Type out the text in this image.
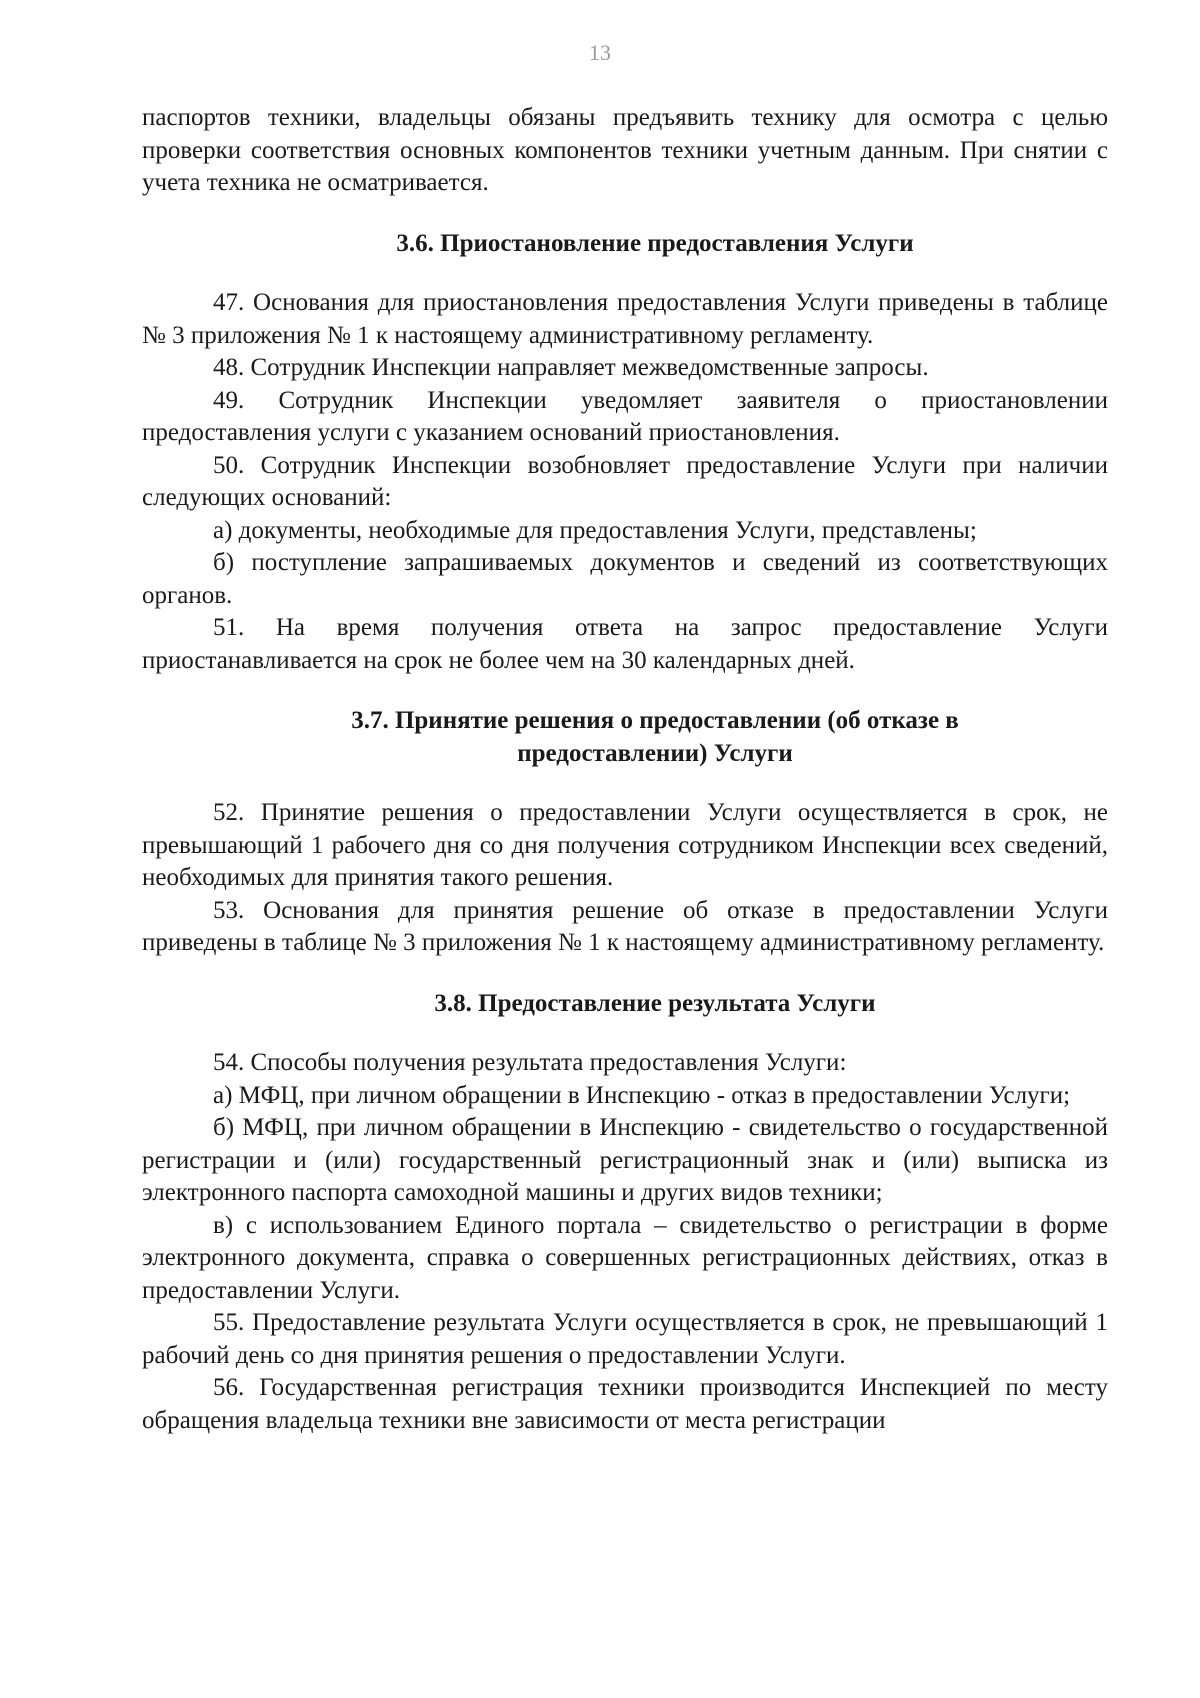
13

паспортов техники, владельцы обязаны предъявить технику для осмотра с целью проверки соответствия основных компонентов техники учетным данным. При снятии с учета техника не осматривается.

3.6. Приостановление предоставления Услуги

47. Основания для приостановления предоставления Услуги приведены в таблице № 3 приложения № 1 к настоящему административному регламенту.

48. Сотрудник Инспекции направляет межведомственные запросы.

49. Сотрудник Инспекции уведомляет заявителя о приостановлении предоставления услуги с указанием оснований приостановления.

50. Сотрудник Инспекции возобновляет предоставление Услуги при наличии следующих оснований:

а) документы, необходимые для предоставления Услуги, представлены;

б) поступление запрашиваемых документов и сведений из соответствующих органов.

51. На время получения ответа на запрос предоставление Услуги приостанавливается на срок не более чем на 30 календарных дней.

3.7. Принятие решения о предоставлении (об отказе в
предоставлении) Услуги

52. Принятие решения о предоставлении Услуги осуществляется в срок, не превышающий 1 рабочего дня со дня получения сотрудником Инспекции всех сведений, необходимых для принятия такого решения.

53. Основания для принятия решение об отказе в предоставлении Услуги приведены в таблице № 3 приложения № 1 к настоящему административному регламенту.

3.8. Предоставление результата Услуги

54. Способы получения результата предоставления Услуги:

а) МФЦ, при личном обращении в Инспекцию - отказ в предоставлении Услуги;

б) МФЦ, при личном обращении в Инспекцию - свидетельство о государственной регистрации и (или) государственный регистрационный знак и (или) выписка из электронного паспорта самоходной машины и других видов техники;

в) с использованием Единого портала – свидетельство о регистрации в форме электронного документа, справка о совершенных регистрационных действиях, отказ в предоставлении Услуги.

55. Предоставление результата Услуги осуществляется в срок, не превышающий 1 рабочий день со дня принятия решения о предоставлении Услуги.

56. Государственная регистрация техники производится Инспекцией по месту обращения владельца техники вне зависимости от места регистрации
